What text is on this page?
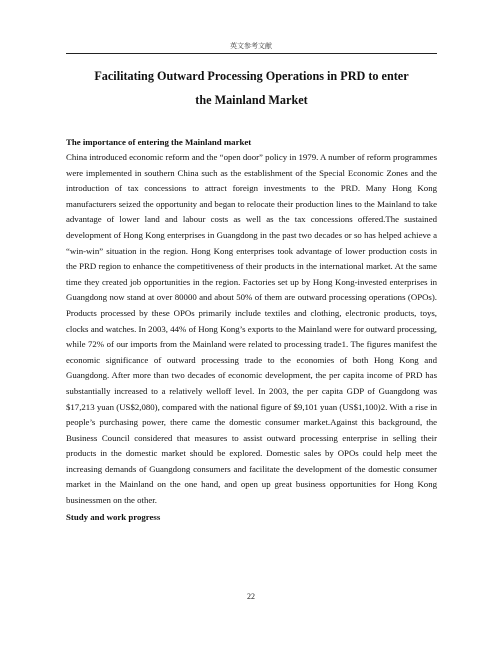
英文参考文献
Facilitating Outward Processing Operations in PRD to enter
the Mainland Market
The importance of entering the Mainland market

China introduced economic reform and the “open door” policy in 1979. A number of reform programmes were implemented in southern China such as the establishment of the Special Economic Zones and the introduction of tax concessions to attract foreign investments to the PRD. Many Hong Kong manufacturers seized the opportunity and began to relocate their production lines to the Mainland to take advantage of lower land and labour costs as well as the tax concessions offered.The sustained development of Hong Kong enterprises in Guangdong in the past two decades or so has helped achieve a “win-win” situation in the region. Hong Kong enterprises took advantage of lower production costs in the PRD region to enhance the competitiveness of their products in the international market. At the same time they created job opportunities in the region. Factories set up by Hong Kong-invested enterprises in Guangdong now stand at over 80000 and about 50% of them are outward processing operations (OPOs). Products processed by these OPOs primarily include textiles and clothing, electronic products, toys, clocks and watches. In 2003, 44% of Hong Kong’s exports to the Mainland were for outward processing, while 72% of our imports from the Mainland were related to processing trade1. The figures manifest the economic significance of outward processing trade to the economies of both Hong Kong and Guangdong. After more than two decades of economic development, the per capita income of PRD has substantially increased to a relatively welloff level. In 2003, the per capita GDP of Guangdong was $17,213 yuan (US$2,080), compared with the national figure of $9,101 yuan (US$1,100)2. With a rise in people’s purchasing power, there came the domestic consumer market.Against this background, the Business Council considered that measures to assist outward processing enterprise in selling their products in the domestic market should be explored. Domestic sales by OPOs could help meet the increasing demands of Guangdong consumers and facilitate the development of the domestic consumer market in the Mainland on the one hand, and open up great business opportunities for Hong Kong businessmen on the other.

Study and work progress
22
